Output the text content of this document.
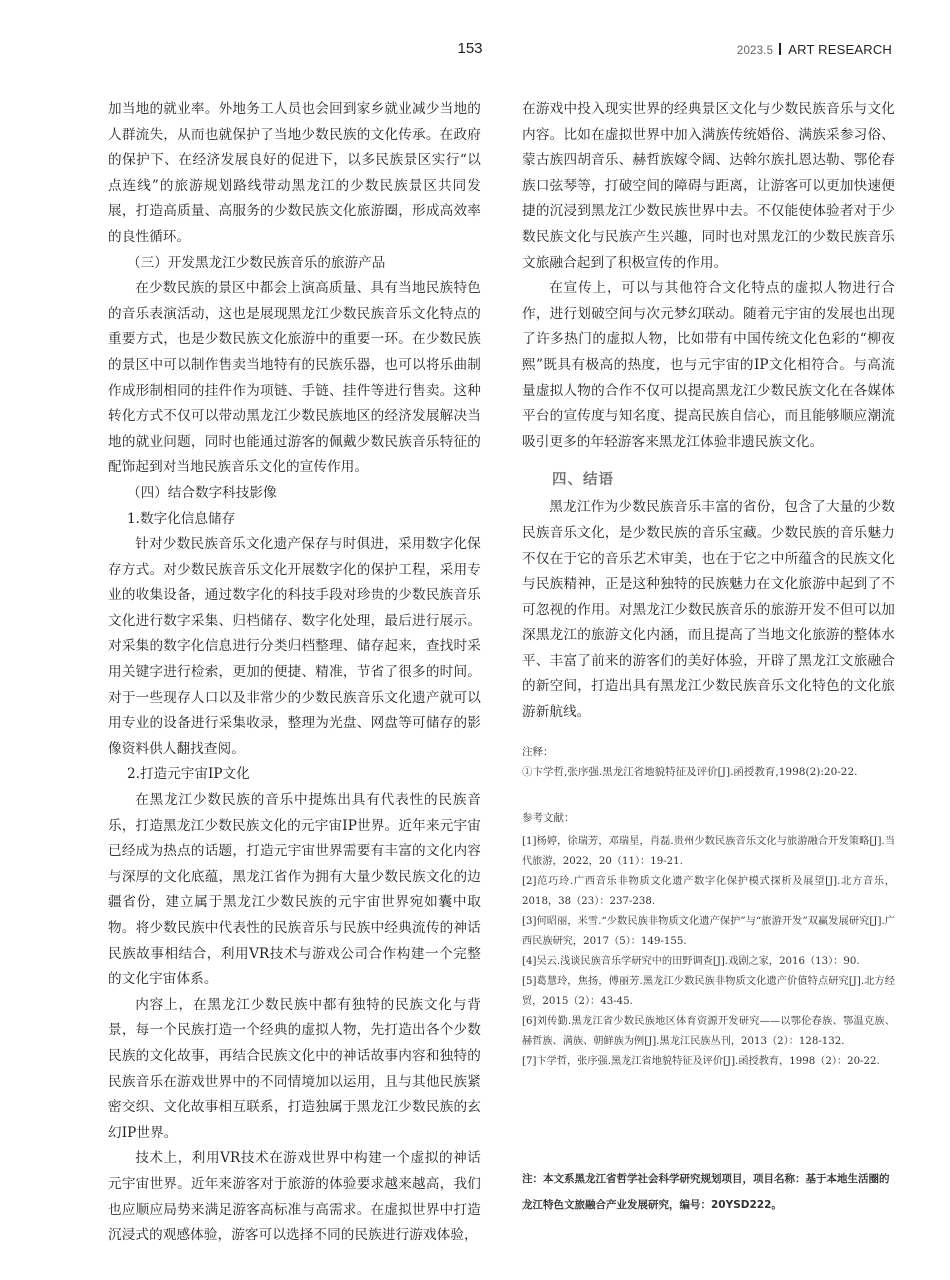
153	2023.5 ART RESEARCH

加当地的就业率。外地务工人员也会回到家乡就业减少当地的人群流失，从而也就保护了当地少数民族的文化传承。在政府的保护下、在经济发展良好的促进下，以多民族景区实行“以点连线”的旅游规划路线带动黑龙江的少数民族景区共同发展，打造高质量、高服务的少数民族文化旅游圈，形成高效率的良性循环。

（三）开发黑龙江少数民族音乐的旅游产品

在少数民族的景区中都会上演高质量、具有当地民族特色的音乐表演活动，这也是展现黑龙江少数民族音乐文化特点的重要方式，也是少数民族文化旅游中的重要一环。在少数民族的景区中可以制作售卖当地特有的民族乐器，也可以将乐曲制作成形制相同的挂件作为项链、手链、挂件等进行售卖。这种转化方式不仅可以带动黑龙江少数民族地区的经济发展解决当地的就业问题，同时也能通过游客的佩戴少数民族音乐特征的配饰起到对当地民族音乐文化的宣传作用。

（四）结合数字科技影像

1.数字化信息储存

针对少数民族音乐文化遗产保存与时俱进，采用数字化保存方式。对少数民族音乐文化开展数字化的保护工程，采用专业的收集设备，通过数字化的科技手段对珍贵的少数民族音乐文化进行数字采集、归档储存、数字化处理，最后进行展示。对采集的数字化信息进行分类归档整理、储存起来，查找时采用关键字进行检索，更加的便捷、精准，节省了很多的时间。对于一些现存人口以及非常少的少数民族音乐文化遗产就可以用专业的设备进行采集收录，整理为光盘、网盘等可储存的影像资料供人翻找查阅。

2.打造元宇宙IP文化

在黑龙江少数民族的音乐中提炼出具有代表性的民族音乐，打造黑龙江少数民族文化的元宇宙IP世界。近年来元宇宙已经成为热点的话题，打造元宇宙世界需要有丰富的文化内容与深厚的文化底蕴，黑龙江省作为拥有大量少数民族文化的边疆省份，建立属于黑龙江少数民族的元宇宙世界宛如囊中取物。将少数民族中代表性的民族音乐与民族中经典流传的神话民族故事相结合，利用VR技术与游戏公司合作构建一个完整的文化宇宙体系。

内容上，在黑龙江少数民族中都有独特的民族文化与背景，每一个民族打造一个经典的虚拟人物，先打造出各个少数民族的文化故事，再结合民族文化中的神话故事内容和独特的民族音乐在游戏世界中的不同情境加以运用，且与其他民族紧密交织、文化故事相互联系，打造独属于黑龙江少数民族的玄幻IP世界。

技术上，利用VR技术在游戏世界中构建一个虚拟的神话元宇宙世界。近年来游客对于旅游的体验要求越来越高，我们也应顺应局势来满足游客高标准与高需求。在虚拟世界中打造沉浸式的观感体验，游客可以选择不同的民族进行游戏体验，

在游戏中投入现实世界的经典景区文化与少数民族音乐与文化内容。比如在虚拟世界中加入满族传统婚俗、满族采参习俗、蒙古族四胡音乐、赫哲族嫁令阔、达斡尔族扎恩达勒、鄂伦春族口弦琴等，打破空间的障碍与距离，让游客可以更加快速便捷的沉浸到黑龙江少数民族世界中去。不仅能使体验者对于少数民族文化与民族产生兴趣，同时也对黑龙江的少数民族音乐文旅融合起到了积极宣传的作用。

在宣传上，可以与其他符合文化特点的虚拟人物进行合作，进行划破空间与次元梦幻联动。随着元宇宙的发展也出现了许多热门的虚拟人物，比如带有中国传统文化色彩的“柳夜熙”既具有极高的热度，也与元宇宙的IP文化相符合。与高流量虚拟人物的合作不仅可以提高黑龙江少数民族文化在各媒体平台的宣传度与知名度、提高民族自信心，而且能够顺应潮流吸引更多的年轻游客来黑龙江体验非遗民族文化。

四、结语

黑龙江作为少数民族音乐丰富的省份，包含了大量的少数民族音乐文化，是少数民族的音乐宝藏。少数民族的音乐魅力不仅在于它的音乐艺术审美，也在于它之中所蕴含的民族文化与民族精神，正是这种独特的民族魅力在文化旅游中起到了不可忽视的作用。对黑龙江少数民族音乐的旅游开发不但可以加深黑龙江的旅游文化内涵，而且提高了当地文化旅游的整体水平、丰富了前来的游客们的美好体验，开辟了黑龙江文旅融合的新空间，打造出具有黑龙江少数民族音乐文化特色的文化旅游新航线。

注释：
①卞学哲,张序强.黑龙江省地貌特征及评价[J].函授教育,1998(2):20-22.
参考文献：
[1]杨婷，徐瑞芳，邓瑞星，肖磊.贵州少数民族音乐文化与旅游融合开发策略[J].当代旅游，2022，20（11）：19-21.
[2]范巧玲.广西音乐非物质文化遗产数字化保护模式探析及展望[J].北方音乐，2018，38（23）：237-238.
[3]何昭丽，米雪.“少数民族非物质文化遗产保护”与“旅游开发”双赢发展研究[J].广西民族研究，2017（5）：149-155.
[4]吴云.浅谈民族音乐学研究中的田野调查[J].戏剧之家，2016（13）：90.
[5]葛慧玲，焦扬，傅丽芳.黑龙江少数民族非物质文化遗产价值特点研究[J].北方经贸，2015（2）：43-45.
[6]刘传勤.黑龙江省少数民族地区体育资源开发研究——以鄂伦春族、鄂温克族、赫哲族、满族、朝鲜族为例[J].黑龙江民族丛刊，2013（2）：128-132.
[7]卞学哲，张序强.黑龙江省地貌特征及评价[J].函授教育，1998（2）：20-22.
注：本文系黑龙江省哲学社会科学研究规划项目，项目名称：基于本地生活圈的龙江特色文旅融合产业发展研究，编号：20YSD222。
